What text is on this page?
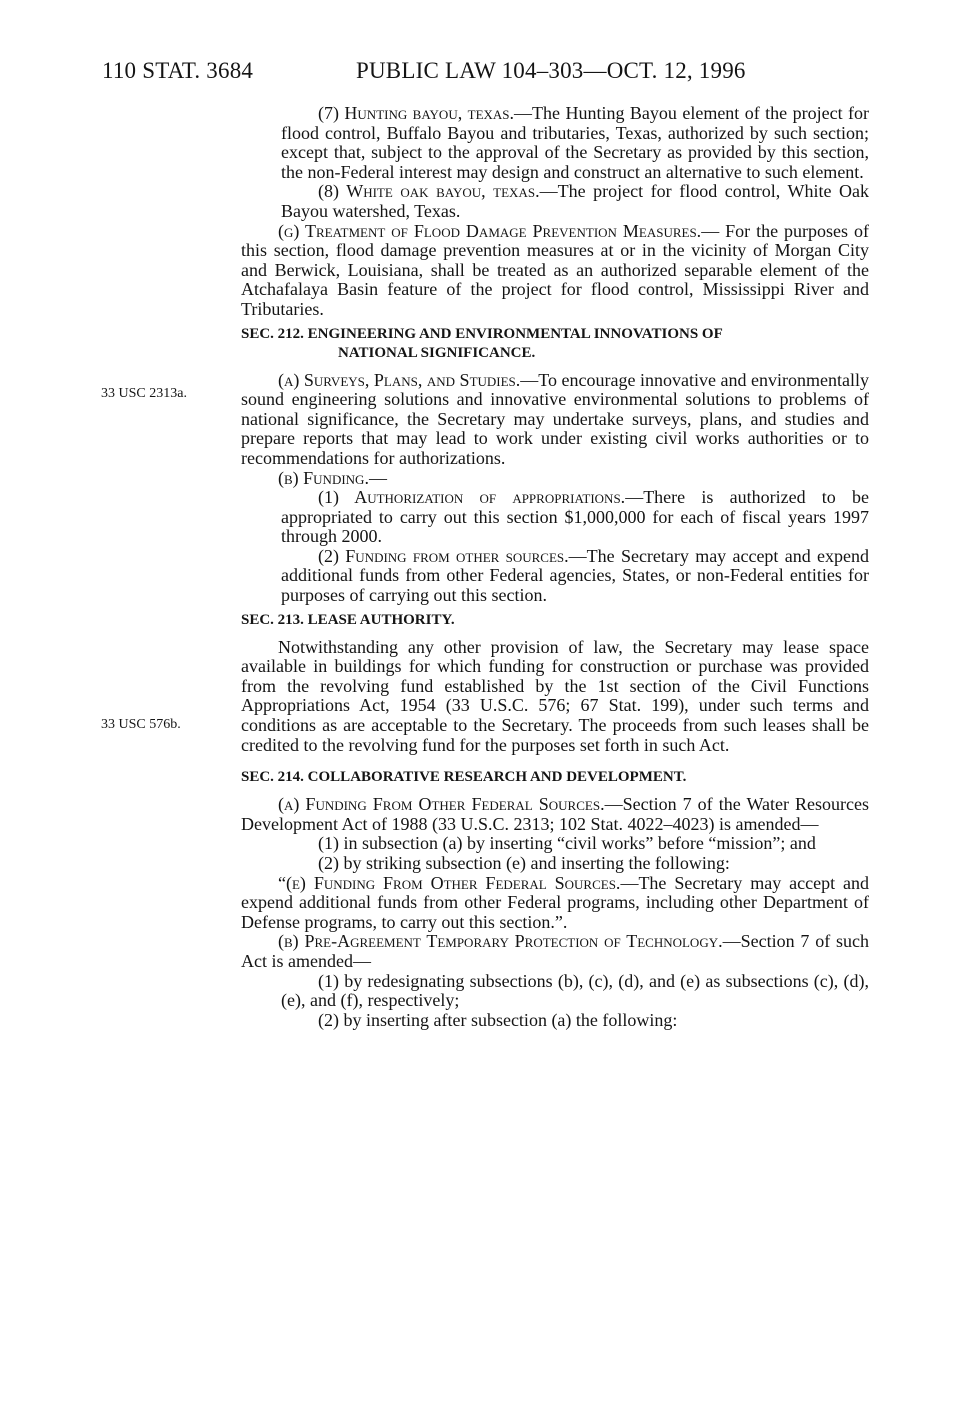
110 STAT. 3684	PUBLIC LAW 104–303—OCT. 12, 1996
33 USC 2313a.
33 USC 576b.

(7) Hunting bayou, texas.—The Hunting Bayou element of the project for flood control, Buffalo Bayou and tributaries, Texas, authorized by such section; except that, subject to the approval of the Secretary as provided by this section, the non-Federal interest may design and construct an alternative to such element.

(8) White oak bayou, texas.—The project for flood control, White Oak Bayou watershed, Texas.

(g) Treatment of Flood Damage Prevention Measures.— For the purposes of this section, flood damage prevention measures at or in the vicinity of Morgan City and Berwick, Louisiana, shall be treated as an authorized separable element of the Atchafalaya Basin feature of the project for flood control, Mississippi River and Tributaries.

SEC. 212. ENGINEERING AND ENVIRONMENTAL INNOVATIONS OF
NATIONAL SIGNIFICANCE.

(a) Surveys, Plans, and Studies.—To encourage innovative and environmentally sound engineering solutions and innovative environmental solutions to problems of national significance, the Secretary may undertake surveys, plans, and studies and prepare reports that may lead to work under existing civil works authorities or to recommendations for authorizations.

(b) Funding.—

(1) Authorization of appropriations.—There is authorized to be appropriated to carry out this section $1,000,000 for each of fiscal years 1997 through 2000.

(2) Funding from other sources.—The Secretary may accept and expend additional funds from other Federal agencies, States, or non-Federal entities for purposes of carrying out this section.

SEC. 213. LEASE AUTHORITY.

Notwithstanding any other provision of law, the Secretary may lease space available in buildings for which funding for construction or purchase was provided from the revolving fund established by the 1st section of the Civil Functions Appropriations Act, 1954 (33 U.S.C. 576; 67 Stat. 199), under such terms and conditions as are acceptable to the Secretary. The proceeds from such leases shall be credited to the revolving fund for the purposes set forth in such Act.

SEC. 214. COLLABORATIVE RESEARCH AND DEVELOPMENT.

(a) Funding From Other Federal Sources.—Section 7 of the Water Resources Development Act of 1988 (33 U.S.C. 2313; 102 Stat. 4022–4023) is amended—

(1) in subsection (a) by inserting “civil works” before “mission”; and

(2) by striking subsection (e) and inserting the following:

“(e) Funding From Other Federal Sources.—The Secretary may accept and expend additional funds from other Federal programs, including other Department of Defense programs, to carry out this section.”.

(b) Pre-Agreement Temporary Protection of Technology.—Section 7 of such Act is amended—

(1) by redesignating subsections (b), (c), (d), and (e) as subsections (c), (d), (e), and (f), respectively;

(2) by inserting after subsection (a) the following:
